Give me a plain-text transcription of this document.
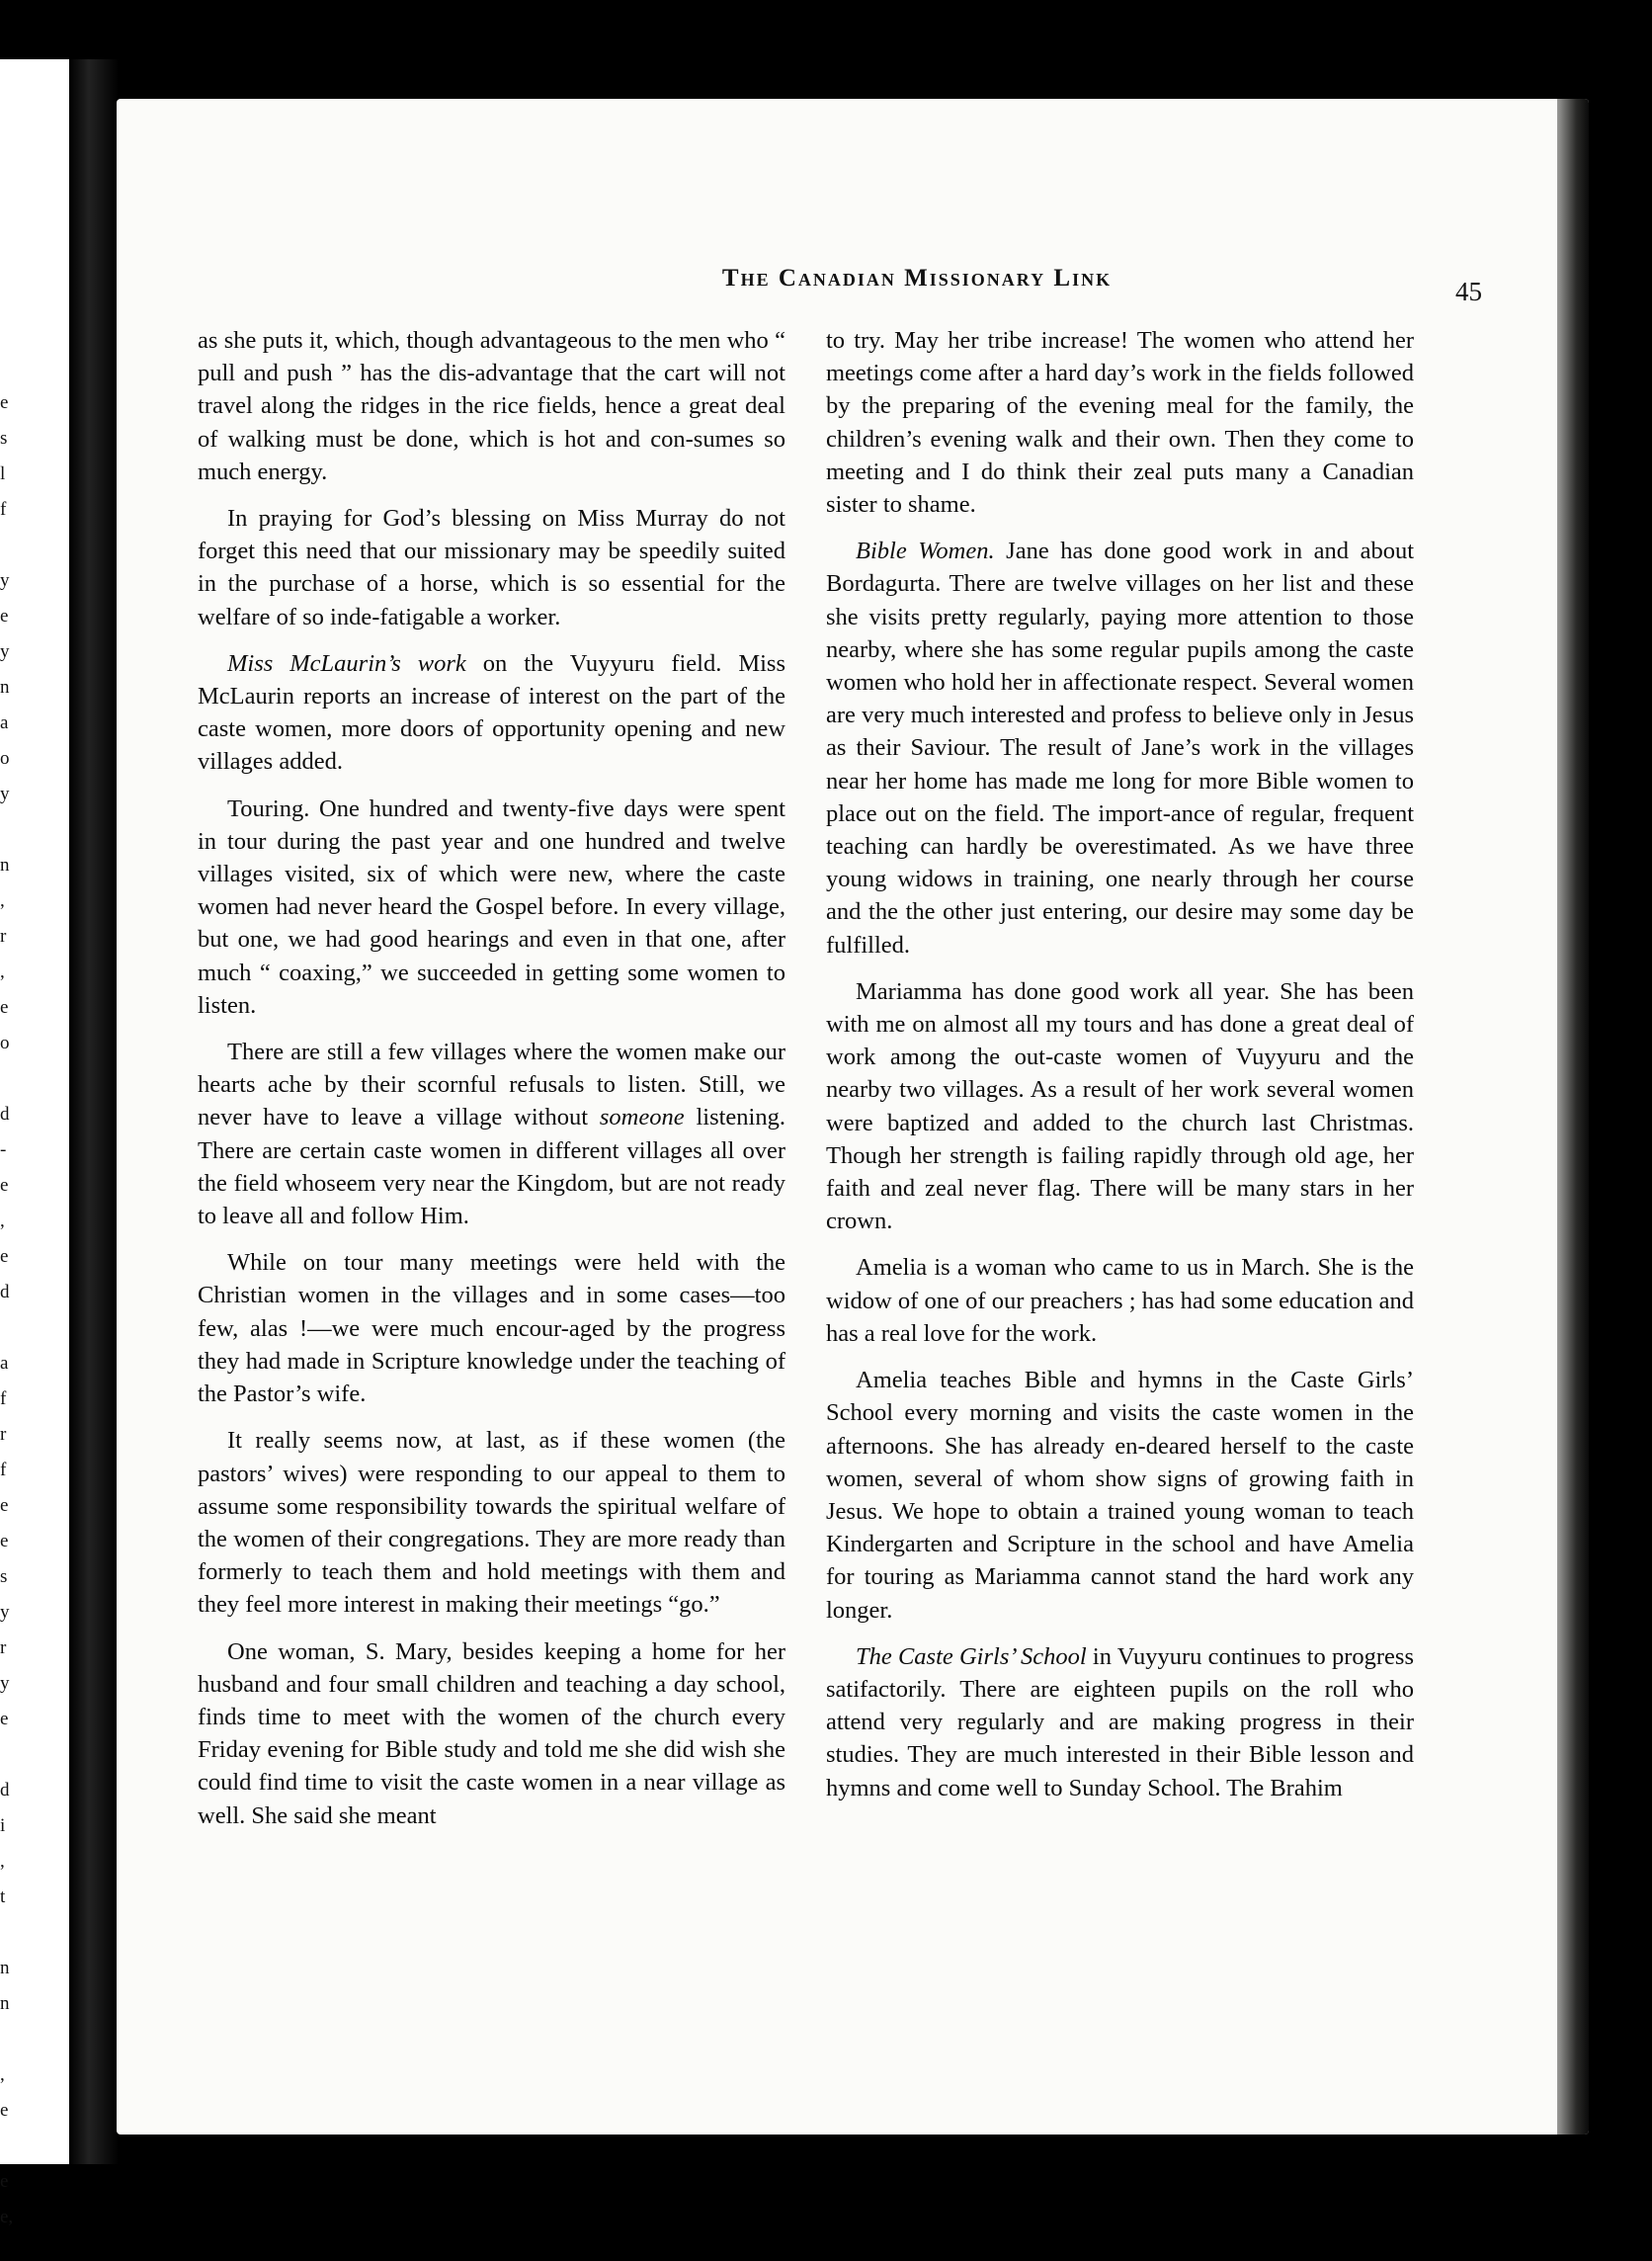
e
s
l
f
y
e
y
n
a
o
y
n
,
r
,
e
o
d
-
e
,
e
d
a
f
r
f
e
e
s
y
r
y
e
d
i
,
t
n
n
,
e
e
e,
The Canadian Missionary Link	45

as she puts it, which, though advantageous to the men who “ pull and push ” has the dis-advantage that the cart will not travel along the ridges in the rice fields, hence a great deal of walking must be done, which is hot and con-sumes so much energy.

In praying for God’s blessing on Miss Murray do not forget this need that our missionary may be speedily suited in the purchase of a horse, which is so essential for the welfare of so inde-fatigable a worker.

Miss McLaurin’s work on the Vuyyuru field. Miss McLaurin reports an increase of interest on the part of the caste women, more doors of opportunity opening and new villages added.

Touring. One hundred and twenty-five days were spent in tour during the past year and one hundred and twelve villages visited, six of which were new, where the caste women had never heard the Gospel before. In every village, but one, we had good hearings and even in that one, after much “ coaxing,” we succeeded in getting some women to listen.

There are still a few villages where the women make our hearts ache by their scornful refusals to listen. Still, we never have to leave a village without someone listening. There are certain caste women in different villages all over the field whoseem very near the Kingdom, but are not ready to leave all and follow Him.

While on tour many meetings were held with the Christian women in the villages and in some cases—too few, alas !—we were much encour-aged by the progress they had made in Scripture knowledge under the teaching of the Pastor’s wife.

It really seems now, at last, as if these women (the pastors’ wives) were responding to our appeal to them to assume some responsibility towards the spiritual welfare of the women of their congregations. They are more ready than formerly to teach them and hold meetings with them and they feel more interest in making their meetings “go.”

One woman, S. Mary, besides keeping a home for her husband and four small children and teaching a day school, finds time to meet with the women of the church every Friday evening for Bible study and told me she did wish she could find time to visit the caste women in a near village as well. She said she meant

to try. May her tribe increase! The women who attend her meetings come after a hard day’s work in the fields followed by the preparing of the evening meal for the family, the children’s evening walk and their own. Then they come to meeting and I do think their zeal puts many a Canadian sister to shame.

Bible Women. Jane has done good work in and about Bordagurta. There are twelve villages on her list and these she visits pretty regularly, paying more attention to those nearby, where she has some regular pupils among the caste women who hold her in affectionate respect. Several women are very much interested and profess to believe only in Jesus as their Saviour. The result of Jane’s work in the villages near her home has made me long for more Bible women to place out on the field. The import-ance of regular, frequent teaching can hardly be overestimated. As we have three young widows in training, one nearly through her course and the the other just entering, our desire may some day be fulfilled.

Mariamma has done good work all year. She has been with me on almost all my tours and has done a great deal of work among the out-caste women of Vuyyuru and the nearby two villages. As a result of her work several women were baptized and added to the church last Christmas. Though her strength is failing rapidly through old age, her faith and zeal never flag. There will be many stars in her crown.

Amelia is a woman who came to us in March. She is the widow of one of our preachers ; has had some education and has a real love for the work.

Amelia teaches Bible and hymns in the Caste Girls’ School every morning and visits the caste women in the afternoons. She has already en-deared herself to the caste women, several of whom show signs of growing faith in Jesus. We hope to obtain a trained young woman to teach Kindergarten and Scripture in the school and have Amelia for touring as Mariamma cannot stand the hard work any longer.

The Caste Girls’ School in Vuyyuru continues to progress satifactorily. There are eighteen pupils on the roll who attend very regularly and are making progress in their studies. They are much interested in their Bible lesson and hymns and come well to Sunday School. The Brahim
